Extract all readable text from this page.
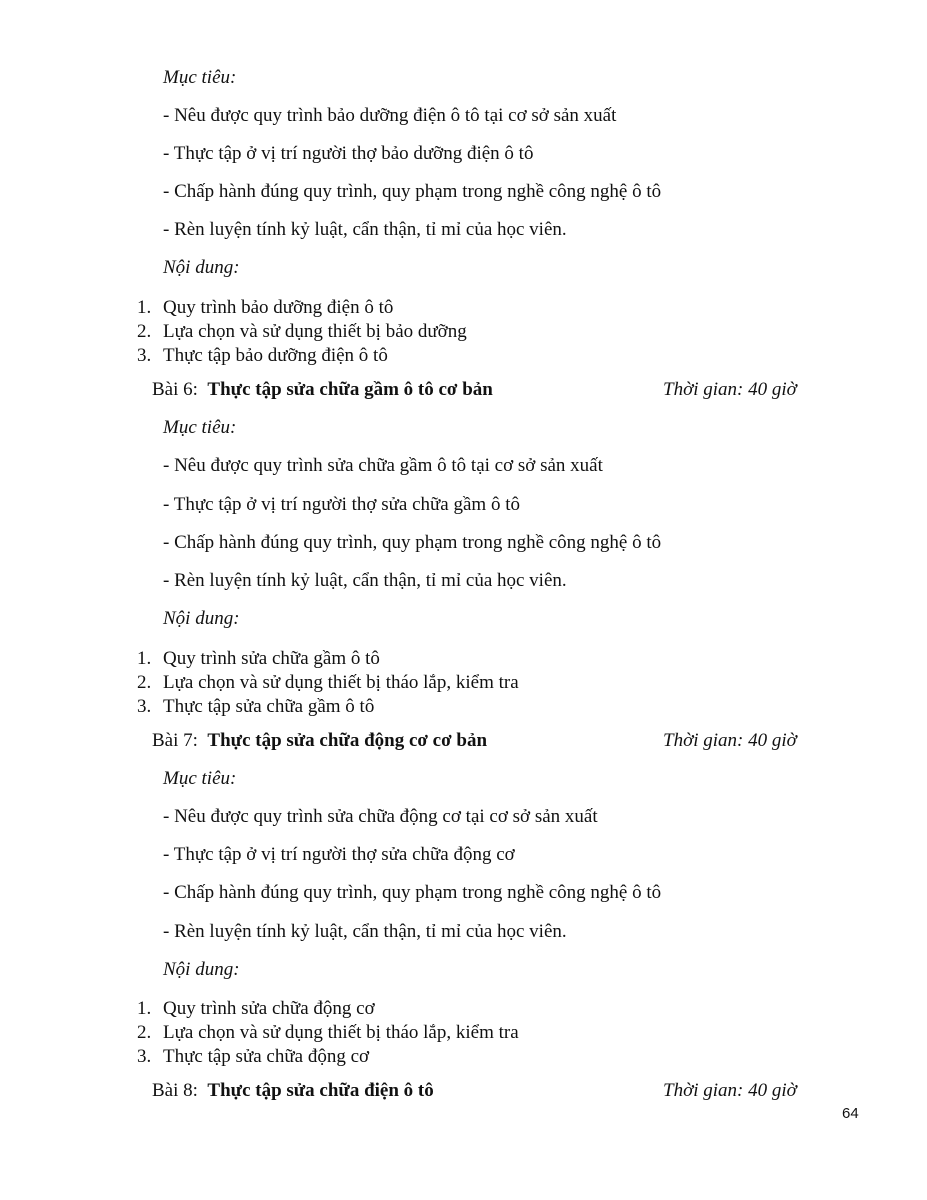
Mục tiêu:
- Nêu được quy trình bảo dưỡng điện ô tô tại cơ sở sản xuất
- Thực tập ở vị trí người thợ bảo dưỡng điện ô tô
- Chấp hành đúng quy trình, quy phạm trong nghề công nghệ ô tô
- Rèn luyện tính kỷ luật, cẩn thận, tỉ mỉ của học viên.
Nội dung:
1. Quy trình bảo dưỡng điện ô tô
2. Lựa chọn và sử dụng thiết bị bảo dưỡng
3. Thực tập bảo dưỡng điện ô tô
Bài 6: Thực tập sửa chữa gầm ô tô cơ bản	Thời gian: 40 giờ
Mục tiêu:
- Nêu được quy trình sửa chữa gầm ô tô tại cơ sở sản xuất
- Thực tập ở vị trí người thợ sửa chữa gầm ô tô
- Chấp hành đúng quy trình, quy phạm trong nghề công nghệ ô tô
- Rèn luyện tính kỷ luật, cẩn thận, tỉ mỉ của học viên.
Nội dung:
1. Quy trình sửa chữa gầm ô tô
2. Lựa chọn và sử dụng thiết bị tháo lắp, kiểm tra
3. Thực tập sửa chữa gầm ô tô
Bài 7: Thực tập sửa chữa động cơ cơ bản	Thời gian: 40 giờ
Mục tiêu:
- Nêu được quy trình sửa chữa động cơ tại cơ sở sản xuất
- Thực tập ở vị trí người thợ sửa chữa động cơ
- Chấp hành đúng quy trình, quy phạm trong nghề công nghệ ô tô
- Rèn luyện tính kỷ luật, cẩn thận, tỉ mỉ của học viên.
Nội dung:
1. Quy trình sửa chữa động cơ
2. Lựa chọn và sử dụng thiết bị tháo lắp, kiểm tra
3. Thực tập sửa chữa động cơ
Bài 8: Thực tập sửa chữa điện ô tô	Thời gian: 40 giờ
64
